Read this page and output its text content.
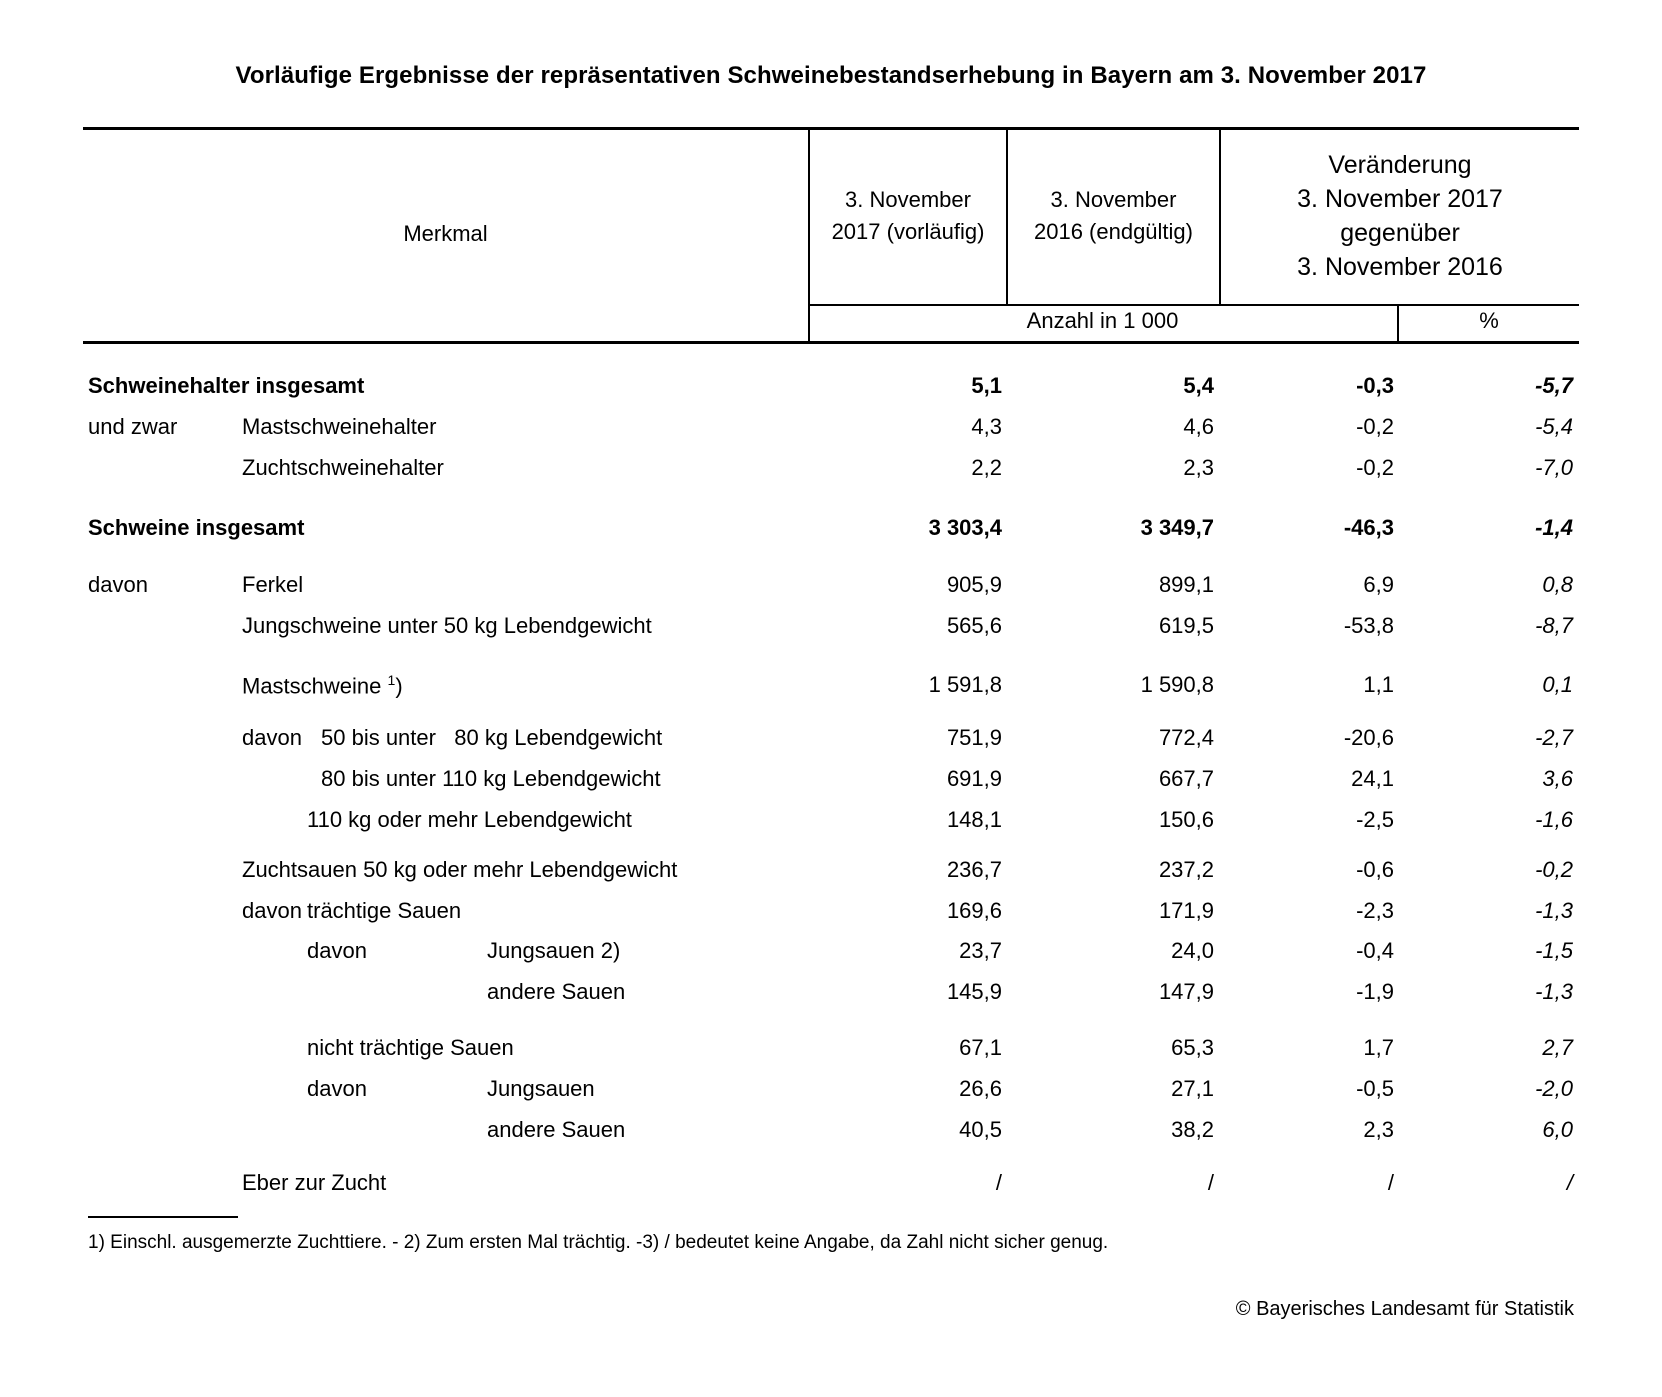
Vorläufige Ergebnisse der repräsentativen Schweinebestandserhebung in Bayern am 3. November 2017
Merkmal
3. November
2017 (vorläufig)
3. November
2016 (endgültig)
Veränderung
3. November 2017
gegenüber
3. November 2016
Anzahl in 1 000	%
Schweinehalter insgesamt	5,1	5,4	-0,3	-5,7
und zwar	Mastschweinehalter	4,3	4,6	-0,2	-5,4
Zuchtschweinehalter	2,2	2,3	-0,2	-7,0
Schweine insgesamt	3 303,4	3 349,7	-46,3	-1,4
davon	Ferkel	905,9	899,1	6,9	0,8
Jungschweine unter 50 kg Lebendgewicht	565,6	619,5	-53,8	-8,7
Mastschweine $^1$)	1 591,8	1 590,8	1,1	0,1
davon 50 bis unter   80 kg Lebendgewicht	751,9	772,4	-20,6	-2,7
80 bis unter 110 kg Lebendgewicht	691,9	667,7	24,1	3,6
110 kg oder mehr Lebendgewicht	148,1	150,6	-2,5	-1,6
Zuchtsauen 50 kg oder mehr Lebendgewicht	236,7	237,2	-0,6	-0,2
davon trächtige Sauen	169,6	171,9	-2,3	-1,3
davon	Jungsauen 2)	23,7	24,0	-0,4	-1,5
andere Sauen	145,9	147,9	-1,9	-1,3
nicht trächtige Sauen	67,1	65,3	1,7	2,7
davon	Jungsauen	26,6	27,1	-0,5	-2,0
andere Sauen	40,5	38,2	2,3	6,0
Eber zur Zucht	/	/	/	/
1) Einschl. ausgemerzte Zuchttiere. - 2) Zum ersten Mal trächtig. -3) / bedeutet keine Angabe, da Zahl nicht sicher genug.
© Bayerisches Landesamt für Statistik
